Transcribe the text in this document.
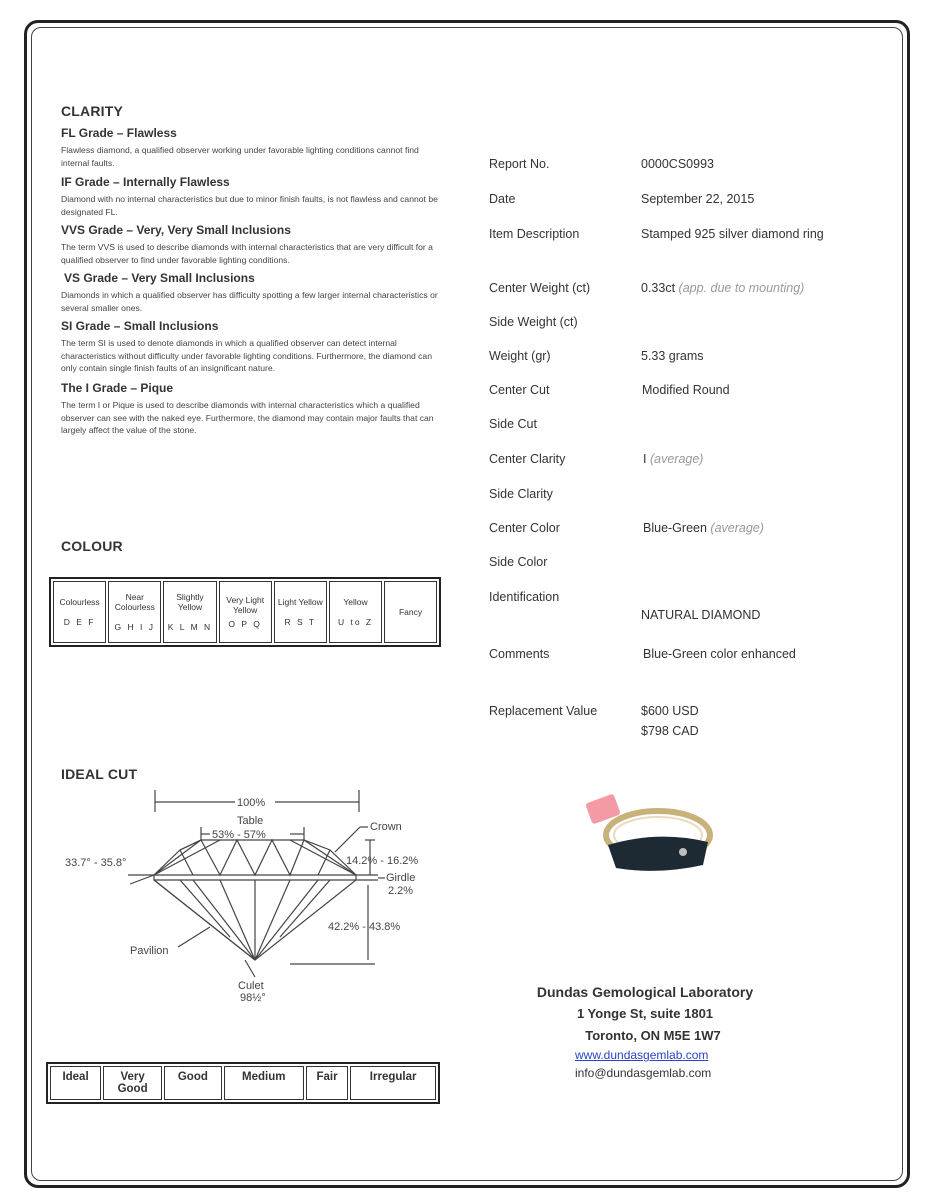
CLARITY
FL Grade – Flawless
Flawless diamond, a qualified observer working under favorable lighting conditions cannot find internal faults.
IF Grade – Internally Flawless
Diamond with no internal characteristics but due to minor finish faults, is not flawless and cannot be designated FL.
VVS Grade – Very, Very Small Inclusions
The term VVS is used to describe diamonds with internal characteristics that are very difficult for a qualified observer to find under favorable lighting conditions.
VS Grade – Very Small Inclusions
Diamonds in which a qualified observer has difficulty spotting a few larger internal characteristics or several smaller ones.
SI Grade – Small Inclusions
The term SI is used to denote diamonds in which a qualified observer can detect internal characteristics without difficulty under favorable lighting conditions. Furthermore, the diamond can only contain single finish faults of an insignificant nature.
The I Grade – Pique
The term I or Pique is used to describe diamonds with internal characteristics which a qualified observer can see with the naked eye. Furthermore, the diamond may contain major faults that can largely affect the value of the stone.
COLOUR
Colourless
D E F
	Near Colourless
G H I J
	Slightly Yellow
K L M N
	Very Light Yellow
O P Q
	Light Yellow
R S T
	Yellow
U to Z
	Fancy
IDEAL CUT
100%
Table
53% - 57%
Crown
33.7° - 35.8°	14.2% - 16.2%
Girdle
2.2%
42.2% - 43.8%
Pavilion
Culet
98½°
Ideal	Very Good	Good	Medium	Fair	Irregular
Report No.	0000CS0993
Date	September 22, 2015
Item Description	Stamped 925 silver diamond ring
Center Weight (ct)	0.33ct (app. due to mounting)
Side Weight (ct)
Weight (gr)	5.33 grams
Center Cut	Modified Round
Side Cut
Center Clarity	I (average)
Side Clarity
Center Color	Blue-Green (average)
Side Color
Identification
NATURAL DIAMOND
Comments	Blue-Green color enhanced
Replacement Value	$600 USD
$798 CAD
Dundas Gemological Laboratory
1 Yonge St, suite 1801
Toronto, ON M5E 1W7
www.dundasgemlab.com
info@dundasgemlab.com
